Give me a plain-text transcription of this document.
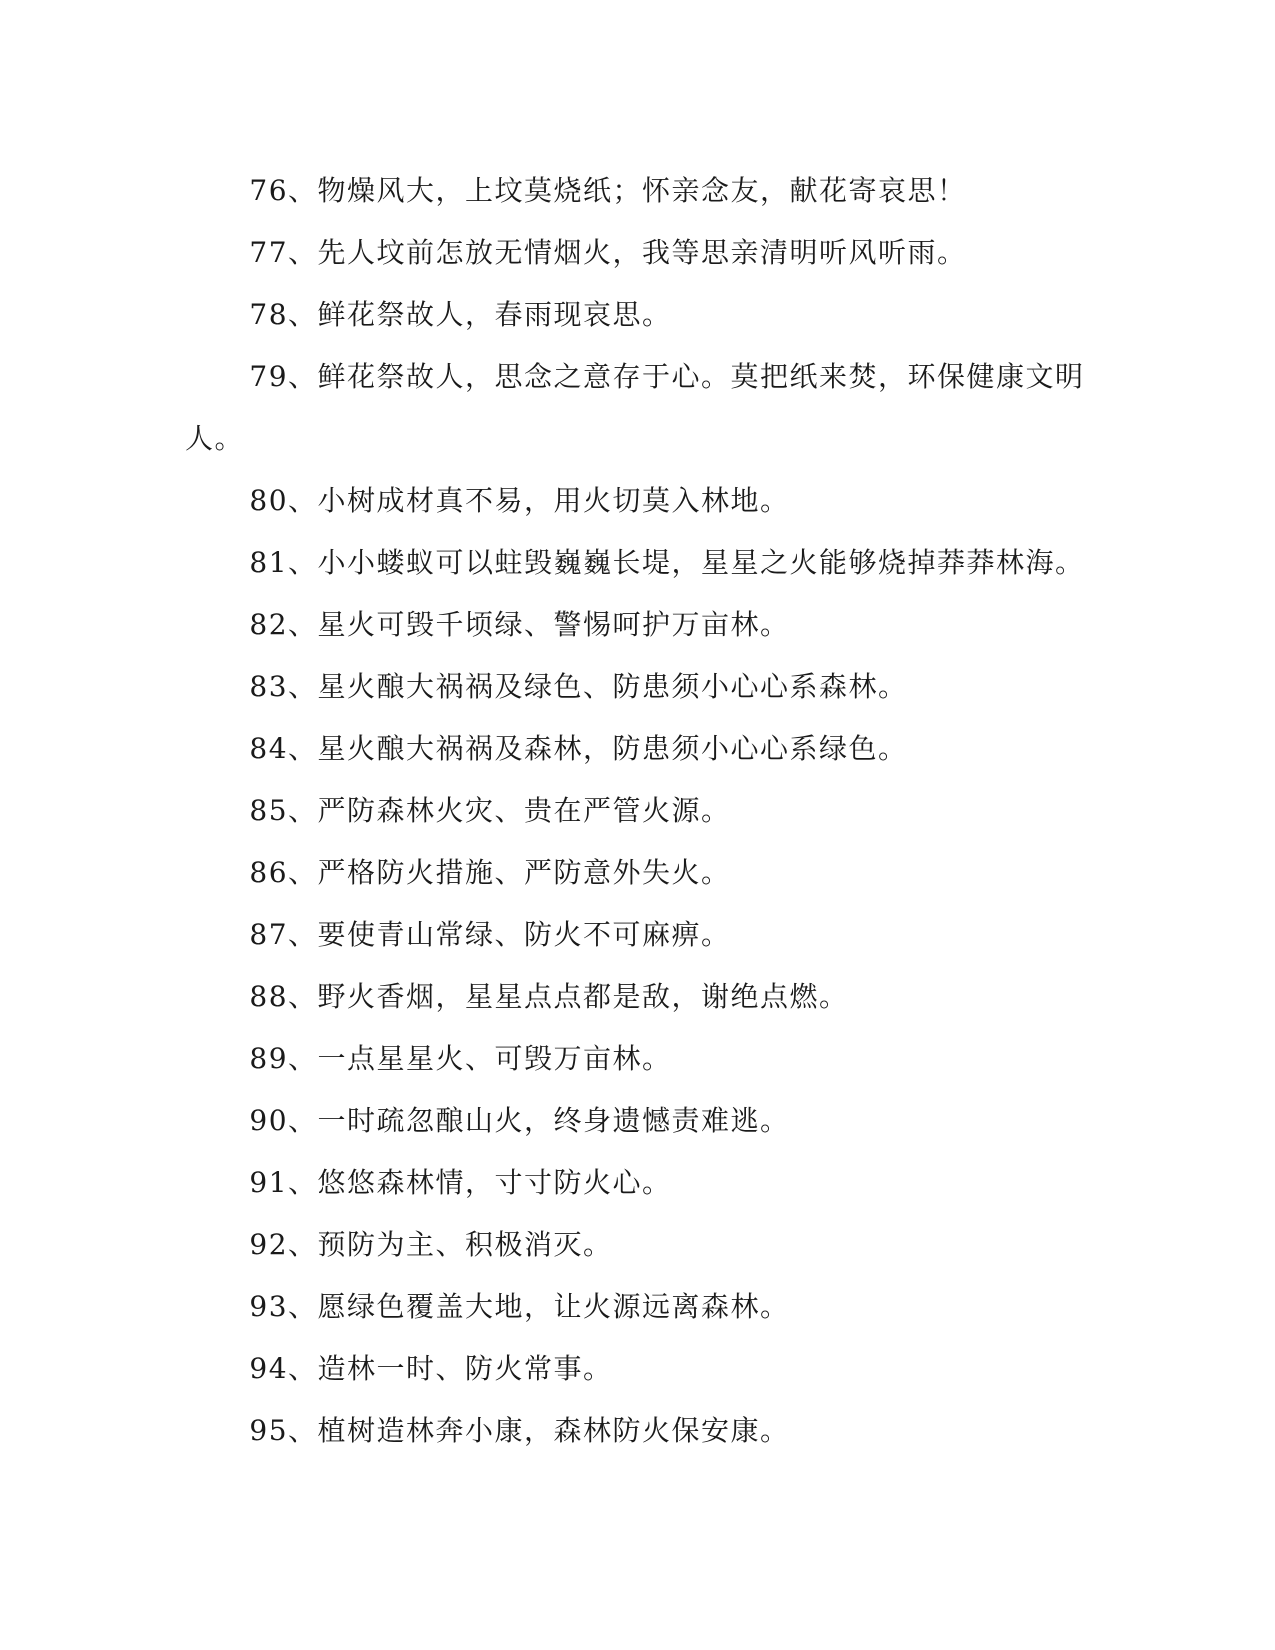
76、物燥风大，上坟莫烧纸；怀亲念友，献花寄哀思！

77、先人坟前怎放无情烟火，我等思亲清明听风听雨。

78、鲜花祭故人，春雨现哀思。

79、鲜花祭故人，思念之意存于心。莫把纸来焚，环保健康文明人。

80、小树成材真不易，用火切莫入林地。

81、小小蝼蚁可以蛀毁巍巍长堤，星星之火能够烧掉莽莽林海。

82、星火可毁千顷绿、警惕呵护万亩林。

83、星火酿大祸祸及绿色、防患须小心心系森林。

84、星火酿大祸祸及森林，防患须小心心系绿色。

85、严防森林火灾、贵在严管火源。

86、严格防火措施、严防意外失火。

87、要使青山常绿、防火不可麻痹。

88、野火香烟，星星点点都是敌，谢绝点燃。

89、一点星星火、可毁万亩林。

90、一时疏忽酿山火，终身遗憾责难逃。

91、悠悠森林情，寸寸防火心。

92、预防为主、积极消灭。

93、愿绿色覆盖大地，让火源远离森林。

94、造林一时、防火常事。

95、植树造林奔小康，森林防火保安康。
